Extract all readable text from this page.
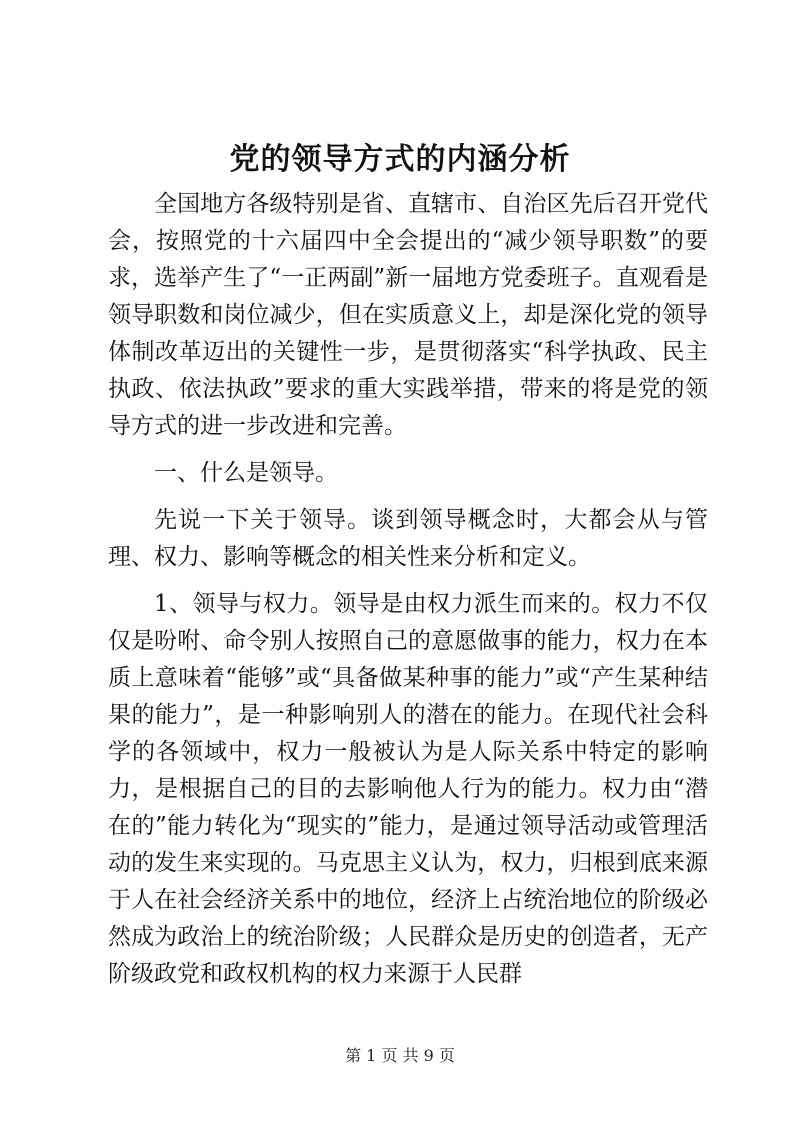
党的领导方式的内涵分析

全国地方各级特别是省、直辖市、自治区先后召开党代会，按照党的十六届四中全会提出的“减少领导职数”的要求，选举产生了“一正两副”新一届地方党委班子。直观看是领导职数和岗位减少，但在实质意义上，却是深化党的领导体制改革迈出的关键性一步，是贯彻落实“科学执政、民主执政、依法执政”要求的重大实践举措，带来的将是党的领导方式的进一步改进和完善。

一、什么是领导。

先说一下关于领导。谈到领导概念时，大都会从与管理、权力、影响等概念的相关性来分析和定义。

1、领导与权力。领导是由权力派生而来的。权力不仅仅是吩咐、命令别人按照自己的意愿做事的能力，权力在本质上意味着“能够”或“具备做某种事的能力”或“产生某种结果的能力”，是一种影响别人的潜在的能力。在现代社会科学的各领域中，权力一般被认为是人际关系中特定的影响力，是根据自己的目的去影响他人行为的能力。权力由“潜在的”能力转化为“现实的”能力，是通过领导活动或管理活动的发生来实现的。马克思主义认为，权力，归根到底来源于人在社会经济关系中的地位，经济上占统治地位的阶级必然成为政治上的统治阶级；人民群众是历史的创造者，无产阶级政党和政权机构的权力来源于人民群

第 1 页 共 9 页
